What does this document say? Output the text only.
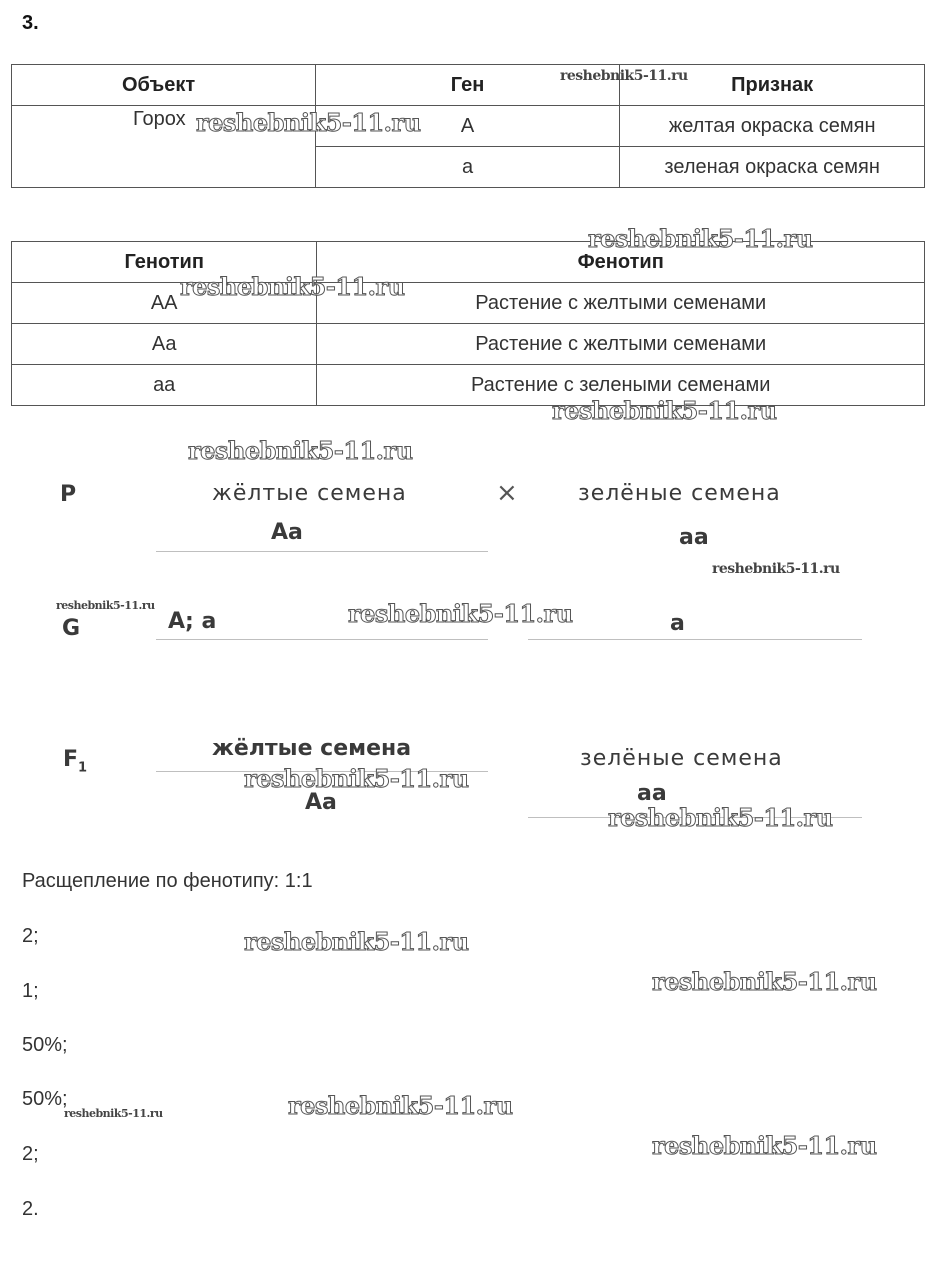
3.
Объект	Ген	Признак
Горох	А	желтая окраска семян
	а	зеленая окраска семян
Генотип	Фенотип
АА	Растение с желтыми семенами
Аа	Растение с желтыми семенами
аа	Растение с зелеными семенами
P	жёлтые семена	×	зелёные семена
Аа	аа
G	А; а	а
$F_1$
жёлтые семена
Аа
зелёные семена
аа
Расщепление по фенотипу: 1:1
2;
1;
50%;
50%;
2;
2.
reshebnik5-11.ru
reshebnik5-11.ru
reshebnik5-11.ru
reshebnik5-11.ru
reshebnik5-11.ru
reshebnik5-11.ru
reshebnik5-11.ru
reshebnik5-11.ru	reshebnik5-11.ru
reshebnik5-11.ru
reshebnik5-11.ru
reshebnik5-11.ru
reshebnik5-11.ru
reshebnik5-11.ru	reshebnik5-11.ru
reshebnik5-11.ru
